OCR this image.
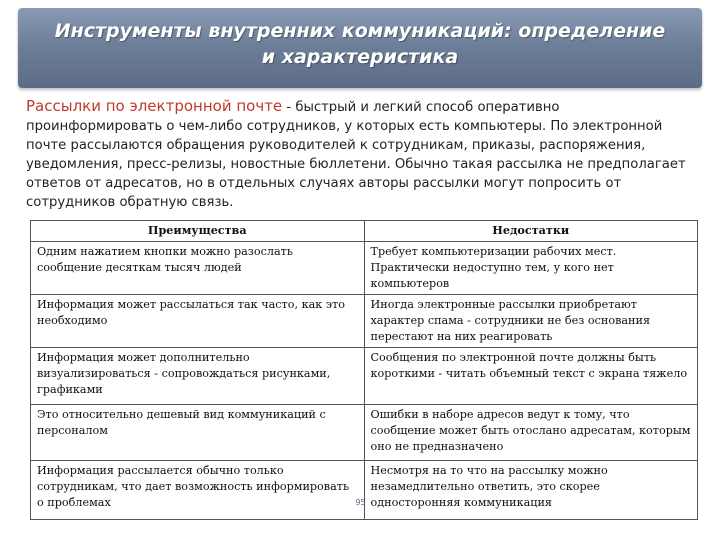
Инструменты внутренних коммуникаций: определение
и характеристика
Рассылки по электронной почте - быстрый и легкий способ оперативно проинформировать о чем-либо сотрудников, у которых есть компьютеры. По электронной почте рассылаются обращения руководителей к сотрудникам, приказы, распоряжения, уведомления, пресс-релизы, новостные бюллетени. Обычно такая рассылка не предполагает ответов от адресатов, но в отдельных случаях авторы рассылки могут попросить от сотрудников обратную связь.
Преимущества	Недостатки
Одним нажатием кнопки можно разослать сообщение десяткам тысяч людей	Требует компьютеризации рабочих мест. Практически недоступно тем, у кого нет компьютеров
Информация может рассылаться так часто, как это необходимо	Иногда электронные рассылки приобретают характер спама - сотрудники не без основания перестают на них реагировать
Информация может дополнительно визуализироваться - сопровождаться рисунками, графиками	Сообщения по электронной почте должны быть короткими - читать объемный текст с экрана тяжело
Это относительно дешевый вид коммуникаций с персоналом	Ошибки в наборе адресов ведут к тому, что сообщение может быть отослано адресатам, которым оно не предназначено
Информация рассылается обычно только сотрудникам, что дает возможность информировать о проблемах 95	Несмотря на то что на рассылку можно незамедлительно ответить, это скорее односторонняя коммуникация
